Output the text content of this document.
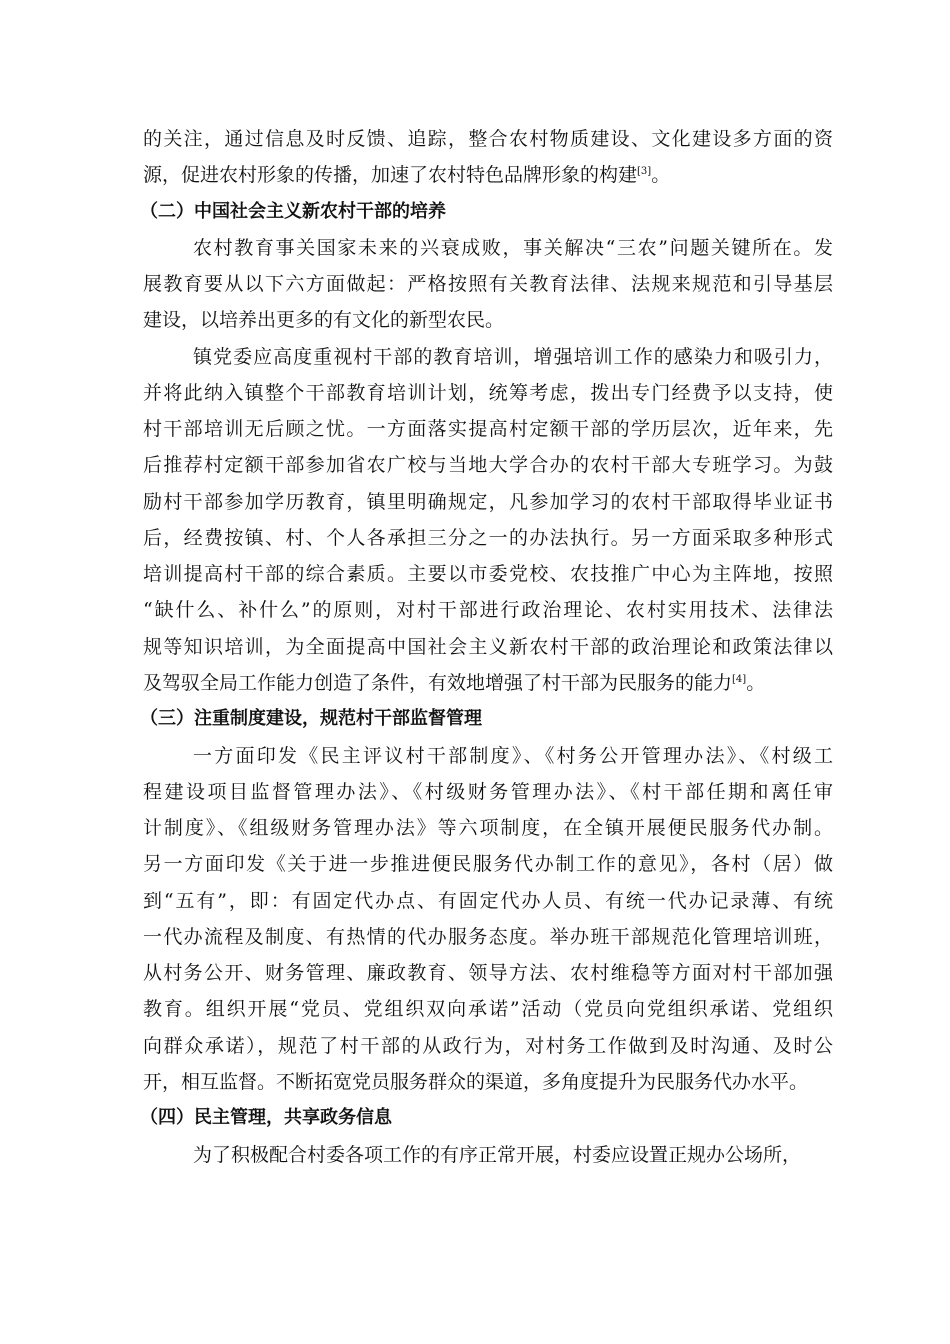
的关注，通过信息及时反馈、追踪，整合农村物质建设、文化建设多方面的资
源，促进农村形象的传播，加速了农村特色品牌形象的构建[3]。
（二）中国社会主义新农村干部的培养
农村教育事关国家未来的兴衰成败，事关解决“三农”问题关键所在。发
展教育要从以下六方面做起：严格按照有关教育法律、法规来规范和引导基层
建设，以培养出更多的有文化的新型农民。
镇党委应高度重视村干部的教育培训，增强培训工作的感染力和吸引力，
并将此纳入镇整个干部教育培训计划，统筹考虑，拨出专门经费予以支持，使
村干部培训无后顾之忧。一方面落实提高村定额干部的学历层次，近年来，先
后推荐村定额干部参加省农广校与当地大学合办的农村干部大专班学习。为鼓
励村干部参加学历教育，镇里明确规定，凡参加学习的农村干部取得毕业证书
后，经费按镇、村、个人各承担三分之一的办法执行。另一方面采取多种形式
培训提高村干部的综合素质。主要以市委党校、农技推广中心为主阵地，按照
“缺什么、补什么”的原则，对村干部进行政治理论、农村实用技术、法律法
规等知识培训，为全面提高中国社会主义新农村干部的政治理论和政策法律以
及驾驭全局工作能力创造了条件，有效地增强了村干部为民服务的能力[4]。
（三）注重制度建设，规范村干部监督管理
一方面印发《民主评议村干部制度》、《村务公开管理办法》、《村级工
程建设项目监督管理办法》、《村级财务管理办法》、《村干部任期和离任审
计制度》、《组级财务管理办法》等六项制度，在全镇开展便民服务代办制。
另一方面印发《关于进一步推进便民服务代办制工作的意见》，各村（居）做
到“五有”，即：有固定代办点、有固定代办人员、有统一代办记录薄、有统
一代办流程及制度、有热情的代办服务态度。举办班干部规范化管理培训班，
从村务公开、财务管理、廉政教育、领导方法、农村维稳等方面对村干部加强
教育。组织开展“党员、党组织双向承诺”活动（党员向党组织承诺、党组织
向群众承诺），规范了村干部的从政行为，对村务工作做到及时沟通、及时公
开，相互监督。不断拓宽党员服务群众的渠道，多角度提升为民服务代办水平。
（四）民主管理，共享政务信息
为了积极配合村委各项工作的有序正常开展，村委应设置正规办公场所，
